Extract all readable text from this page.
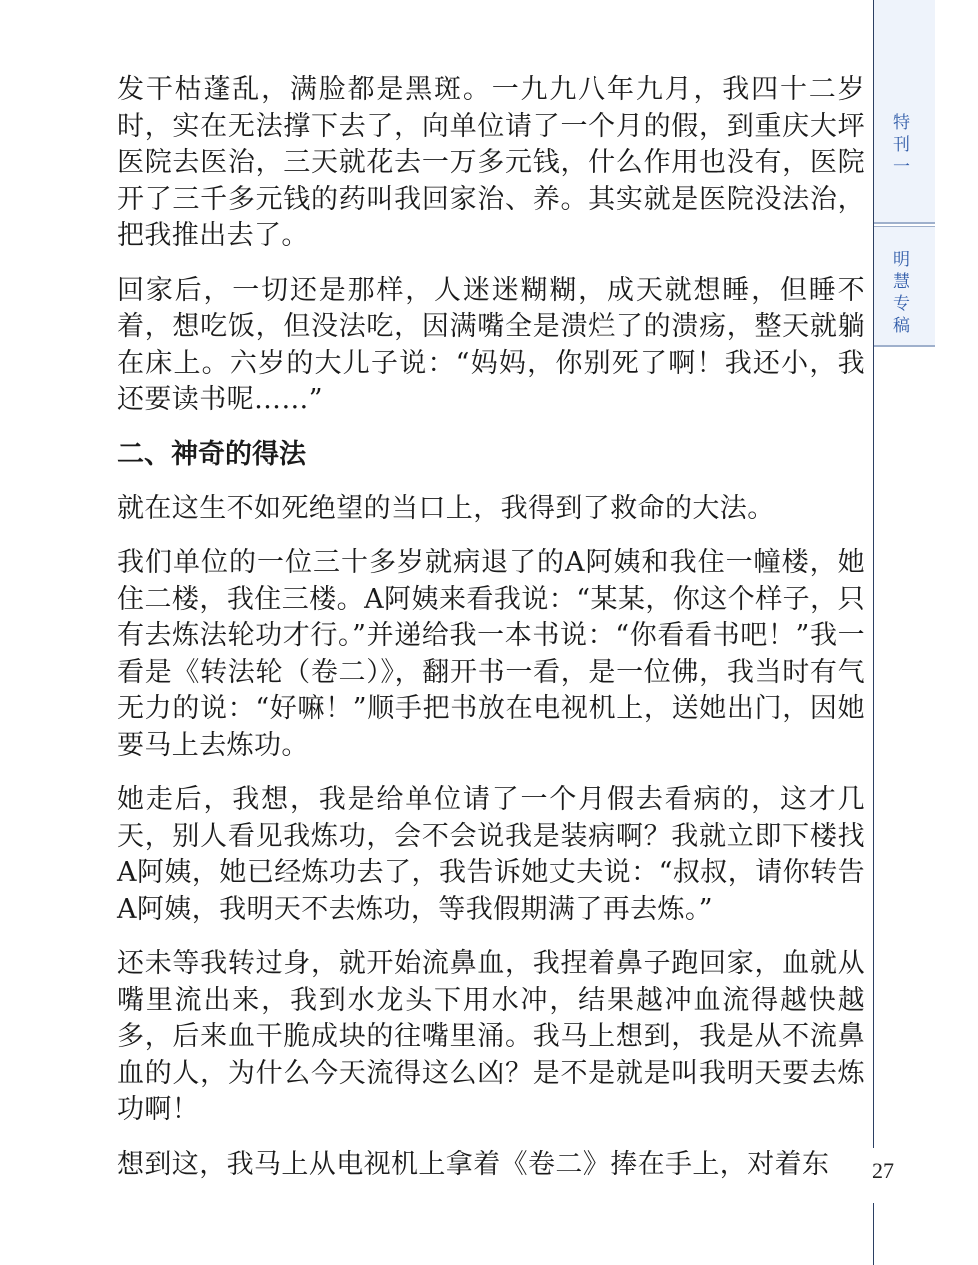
发干枯蓬乱，满脸都是黑斑。一九九八年九月，我四十二岁时，实在无法撑下去了，向单位请了一个月的假，到重庆大坪医院去医治，三天就花去一万多元钱，什么作用也没有，医院开了三千多元钱的药叫我回家治、养。其实就是医院没法治，把我推出去了。

回家后，一切还是那样，人迷迷糊糊，成天就想睡，但睡不着，想吃饭，但没法吃，因满嘴全是溃烂了的溃疡，整天就躺在床上。六岁的大儿子说：“妈妈，你别死了啊！我还小，我还要读书呢……”

二、神奇的得法

就在这生不如死绝望的当口上，我得到了救命的大法。

我们单位的一位三十多岁就病退了的A阿姨和我住一幢楼，她住二楼，我住三楼。A阿姨来看我说：“某某，你这个样子，只有去炼法轮功才行。”并递给我一本书说：“你看看书吧！”我一看是《转法轮（卷二）》，翻开书一看，是一位佛，我当时有气无力的说：“好嘛！”顺手把书放在电视机上，送她出门，因她要马上去炼功。

她走后，我想，我是给单位请了一个月假去看病的，这才几天，别人看见我炼功，会不会说我是装病啊？我就立即下楼找A阿姨，她已经炼功去了，我告诉她丈夫说：“叔叔，请你转告A阿姨，我明天不去炼功，等我假期满了再去炼。”

还未等我转过身，就开始流鼻血，我捏着鼻子跑回家，血就从嘴里流出来，我到水龙头下用水冲，结果越冲血流得越快越多，后来血干脆成块的往嘴里涌。我马上想到，我是从不流鼻血的人，为什么今天流得这么凶？是不是就是叫我明天要去炼功啊！

想到这，我马上从电视机上拿着《卷二》捧在手上，对着东

特
刊
一
明
慧
专
稿
27
